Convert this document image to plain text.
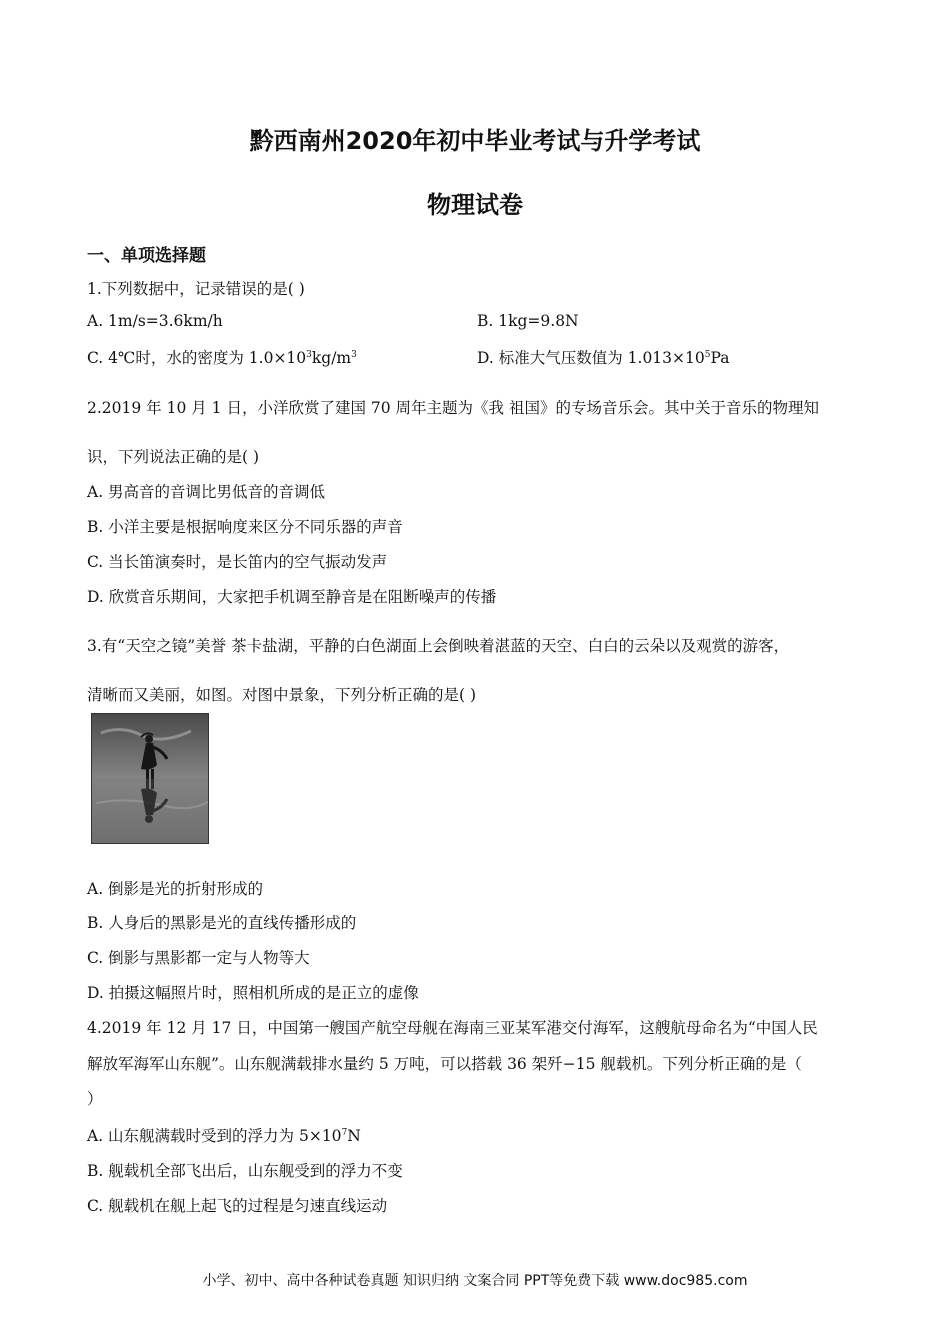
黔西南州2020年初中毕业考试与升学考试
物理试卷
一、单项选择题
1.下列数据中，记录错误的是( )
A. 1m/s=3.6km/h	B. 1kg=9.8N
C. 4℃时，水的密度为 $1.0\times 10^3kg/m^3$	D. 标准大气压数值为 $1.013\times 10^5Pa$
2.2019 年 10 月 1 日，小洋欣赏了建国 70 周年主题为《我 祖国》的专场音乐会。其中关于音乐的物理知
识，下列说法正确的是( )
A. 男高音的音调比男低音的音调低
B. 小洋主要是根据响度来区分不同乐器的声音
C. 当长笛演奏时，是长笛内的空气振动发声
D. 欣赏音乐期间，大家把手机调至静音是在阻断噪声的传播
3.有“天空之镜”美誉 茶卡盐湖，平静的白色湖面上会倒映着湛蓝的天空、白白的云朵以及观赏的游客，
清晰而又美丽，如图。对图中景象，下列分析正确的是( )
A. 倒影是光的折射形成的
B. 人身后的黑影是光的直线传播形成的
C. 倒影与黑影都一定与人物等大
D. 拍摄这幅照片时，照相机所成的是正立的虚像
4.2019 年 12 月 17 日，中国第一艘国产航空母舰在海南三亚某军港交付海军，这艘航母命名为“中国人民
解放军海军山东舰”。山东舰满载排水量约 5 万吨，可以搭载 36 架歼−15 舰载机。下列分析正确的是（
）
A. 山东舰满载时受到的浮力为 $5\times 10^7N$
B. 舰载机全部飞出后，山东舰受到的浮力不变
C. 舰载机在舰上起飞的过程是匀速直线运动
小学、初中、高中各种试卷真题 知识归纳 文案合同 PPT等免费下载 www.doc985.com
